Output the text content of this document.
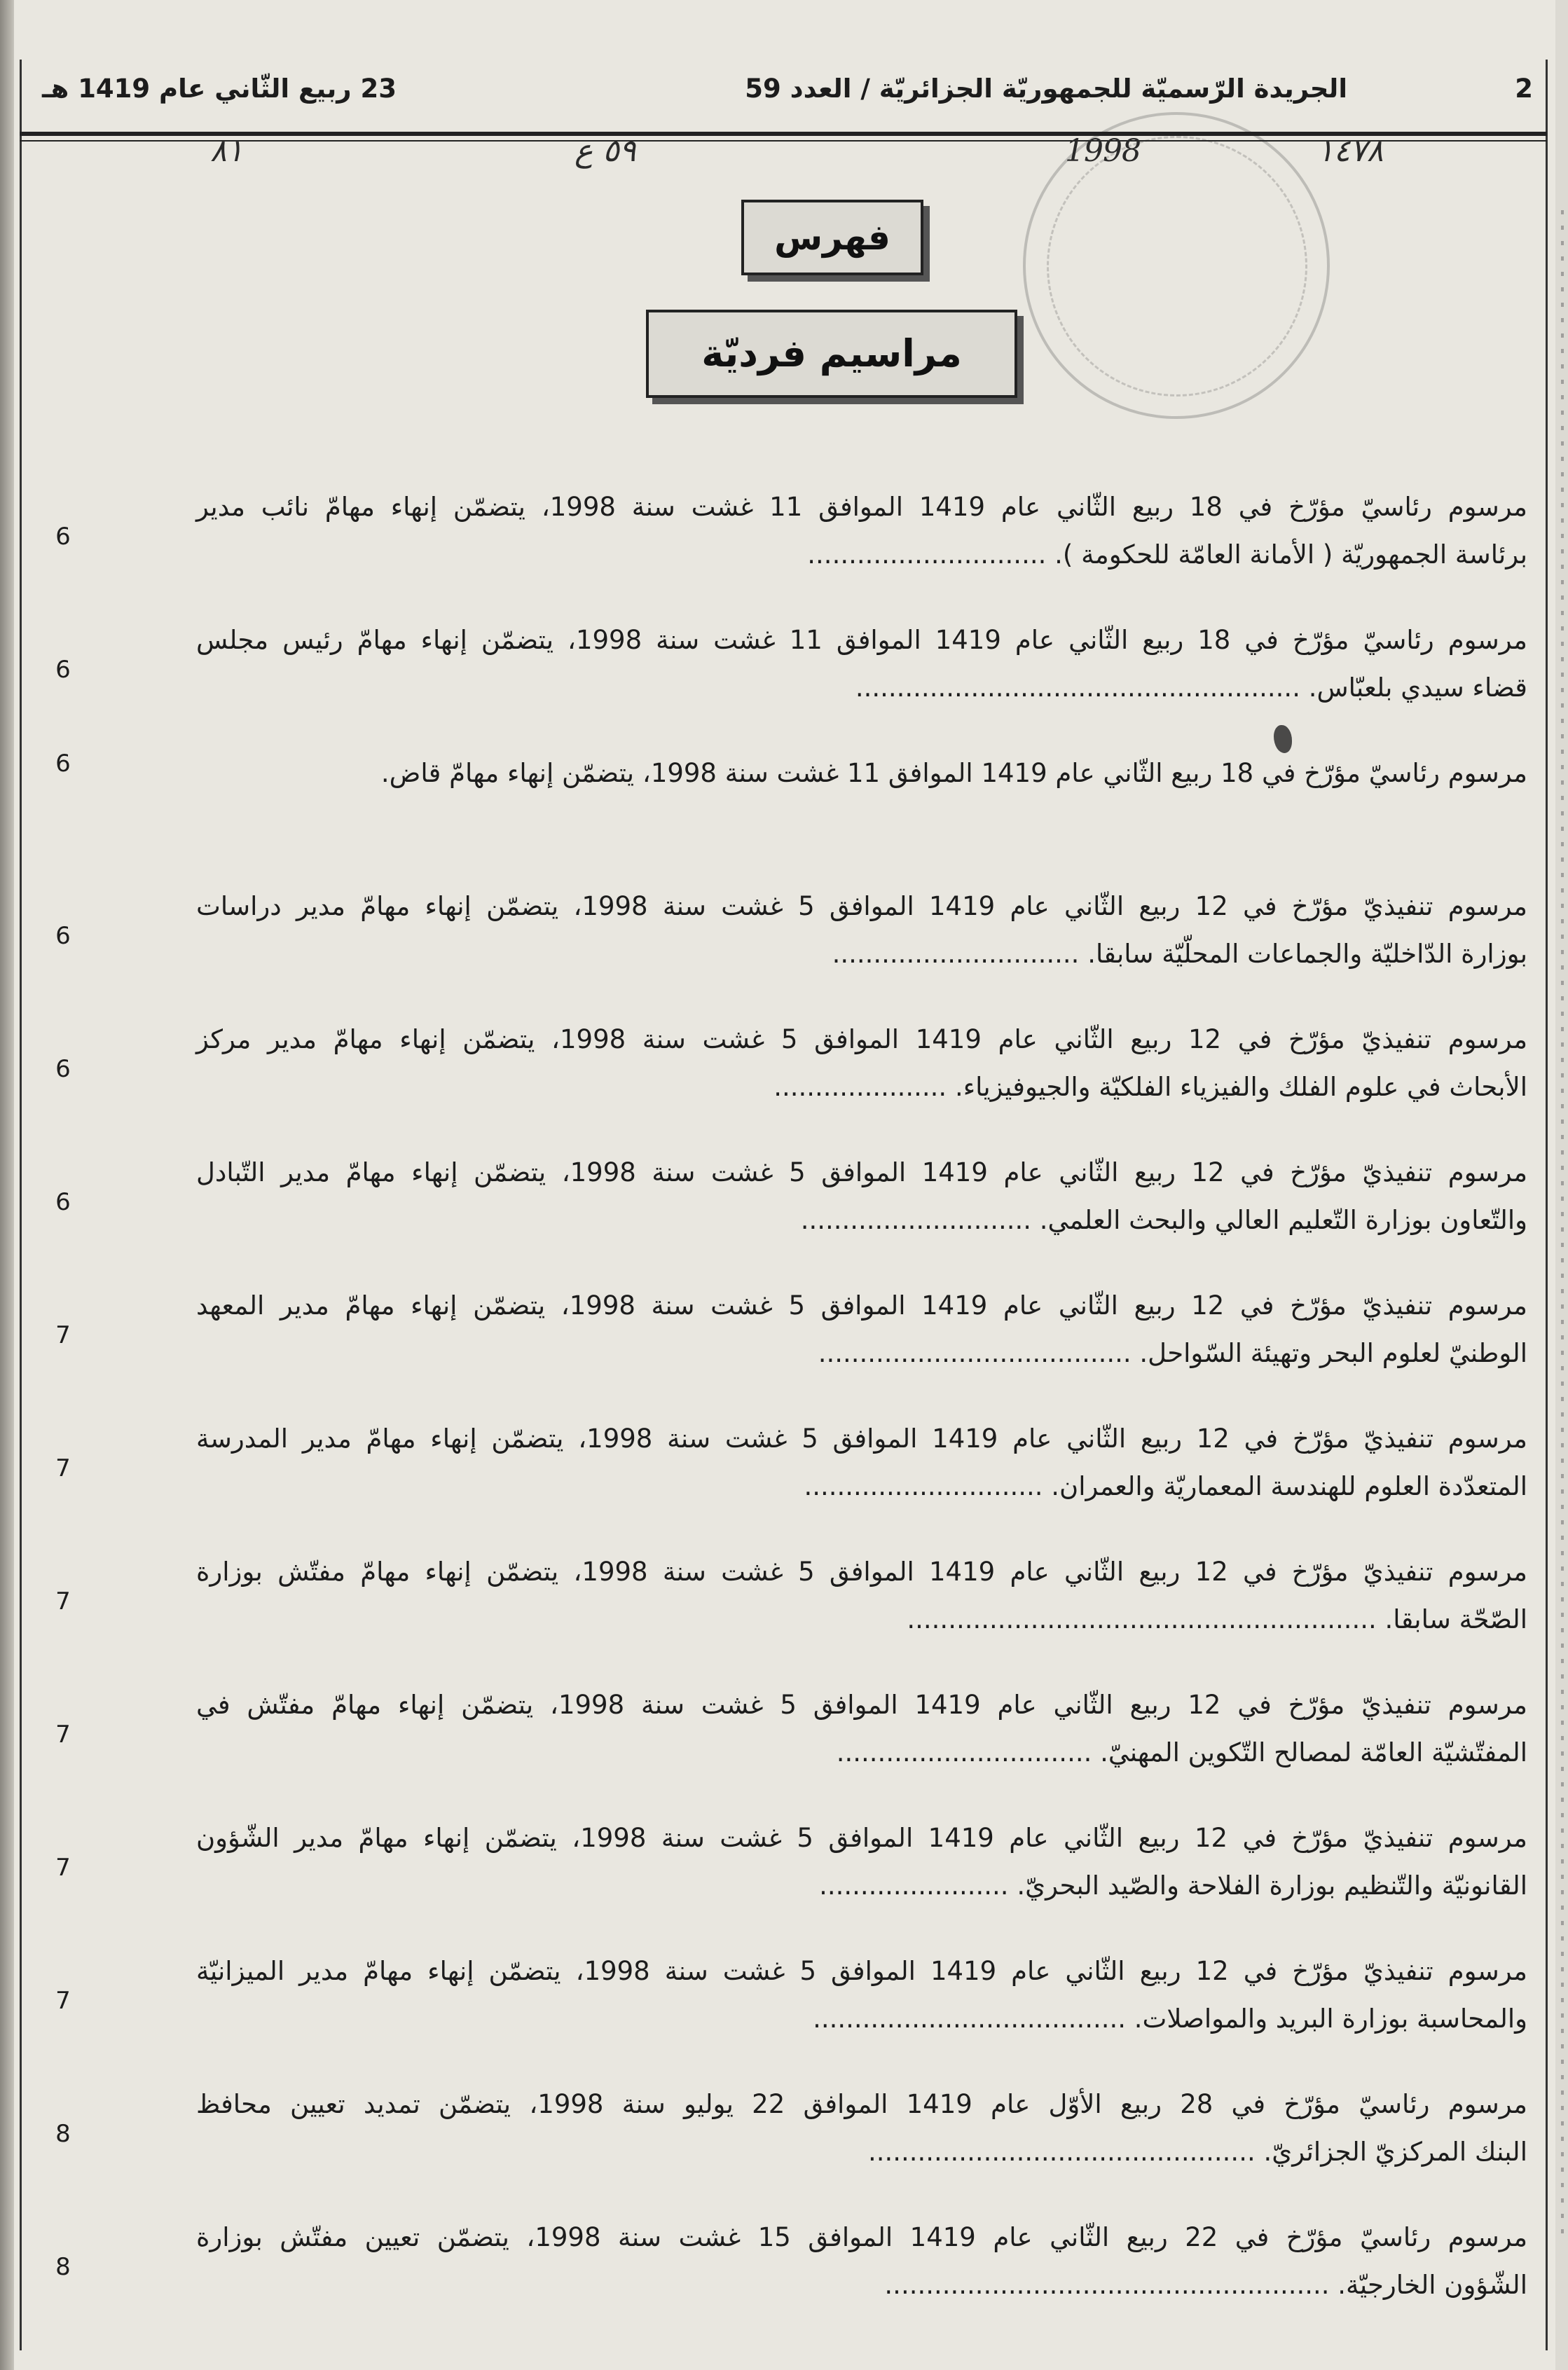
2
الجريدة الرّسميّة للجمهوريّة الجزائريّة / العدد 59
23 ربيع الثّاني عام 1419 هـ
٨١	٥٩ ع	1998	١٤٧٨
فهرس
مراسيم فرديّة
مرسوم رئاسيّ مؤرّخ في 18 ربيع الثّاني عام 1419 الموافق 11 غشت سنة 1998، يتضمّن إنهاء مهامّ نائب مدير
برئاسة الجمهوريّة ( الأمانة العامّة للحكومة ). .............................
6
مرسوم رئاسيّ مؤرّخ في 18 ربيع الثّاني عام 1419 الموافق 11 غشت سنة 1998، يتضمّن إنهاء مهامّ رئيس مجلس
قضاء سيدي بلعبّاس. ......................................................
6
مرسوم رئاسيّ مؤرّخ في 18 ربيع الثّاني عام 1419 الموافق 11 غشت سنة 1998، يتضمّن إنهاء مهامّ قاض.
6
مرسوم تنفيذيّ مؤرّخ في 12 ربيع الثّاني عام 1419 الموافق 5 غشت سنة 1998، يتضمّن إنهاء مهامّ مدير دراسات
بوزارة الدّاخليّة والجماعات المحلّيّة سابقا. ..............................
6
مرسوم تنفيذيّ مؤرّخ في 12 ربيع الثّاني عام 1419 الموافق 5 غشت سنة 1998، يتضمّن إنهاء مهامّ مدير مركز
الأبحاث في علوم الفلك والفيزياء الفلكيّة والجيوفيزياء. .....................
6
مرسوم تنفيذيّ مؤرّخ في 12 ربيع الثّاني عام 1419 الموافق 5 غشت سنة 1998، يتضمّن إنهاء مهامّ مدير التّبادل
والتّعاون بوزارة التّعليم العالي والبحث العلمي. ............................
6
مرسوم تنفيذيّ مؤرّخ في 12 ربيع الثّاني عام 1419 الموافق 5 غشت سنة 1998، يتضمّن إنهاء مهامّ مدير المعهد
الوطنيّ لعلوم البحر وتهيئة السّواحل. ......................................
7
مرسوم تنفيذيّ مؤرّخ في 12 ربيع الثّاني عام 1419 الموافق 5 غشت سنة 1998، يتضمّن إنهاء مهامّ مدير المدرسة
المتعدّدة العلوم للهندسة المعماريّة والعمران. .............................
7
مرسوم تنفيذيّ مؤرّخ في 12 ربيع الثّاني عام 1419 الموافق 5 غشت سنة 1998، يتضمّن إنهاء مهامّ مفتّش بوزارة
الصّحّة سابقا. .........................................................
7
مرسوم تنفيذيّ مؤرّخ في 12 ربيع الثّاني عام 1419 الموافق 5 غشت سنة 1998، يتضمّن إنهاء مهامّ مفتّش في
المفتّشيّة العامّة لمصالح التّكوين المهنيّ. ...............................
7
مرسوم تنفيذيّ مؤرّخ في 12 ربيع الثّاني عام 1419 الموافق 5 غشت سنة 1998، يتضمّن إنهاء مهامّ مدير الشّؤون
القانونيّة والتّنظيم بوزارة الفلاحة والصّيد البحريّ. .......................
7
مرسوم تنفيذيّ مؤرّخ في 12 ربيع الثّاني عام 1419 الموافق 5 غشت سنة 1998، يتضمّن إنهاء مهامّ مدير الميزانيّة
والمحاسبة بوزارة البريد والمواصلات. ......................................
7
مرسوم رئاسيّ مؤرّخ في 28 ربيع الأوّل عام 1419 الموافق 22 يوليو سنة 1998، يتضمّن تمديد تعيين محافظ
البنك المركزيّ الجزائريّ. ...............................................
8
مرسوم رئاسيّ مؤرّخ في 22 ربيع الثّاني عام 1419 الموافق 15 غشت سنة 1998، يتضمّن تعيين مفتّش بوزارة
الشّؤون الخارجيّة. ......................................................
8
